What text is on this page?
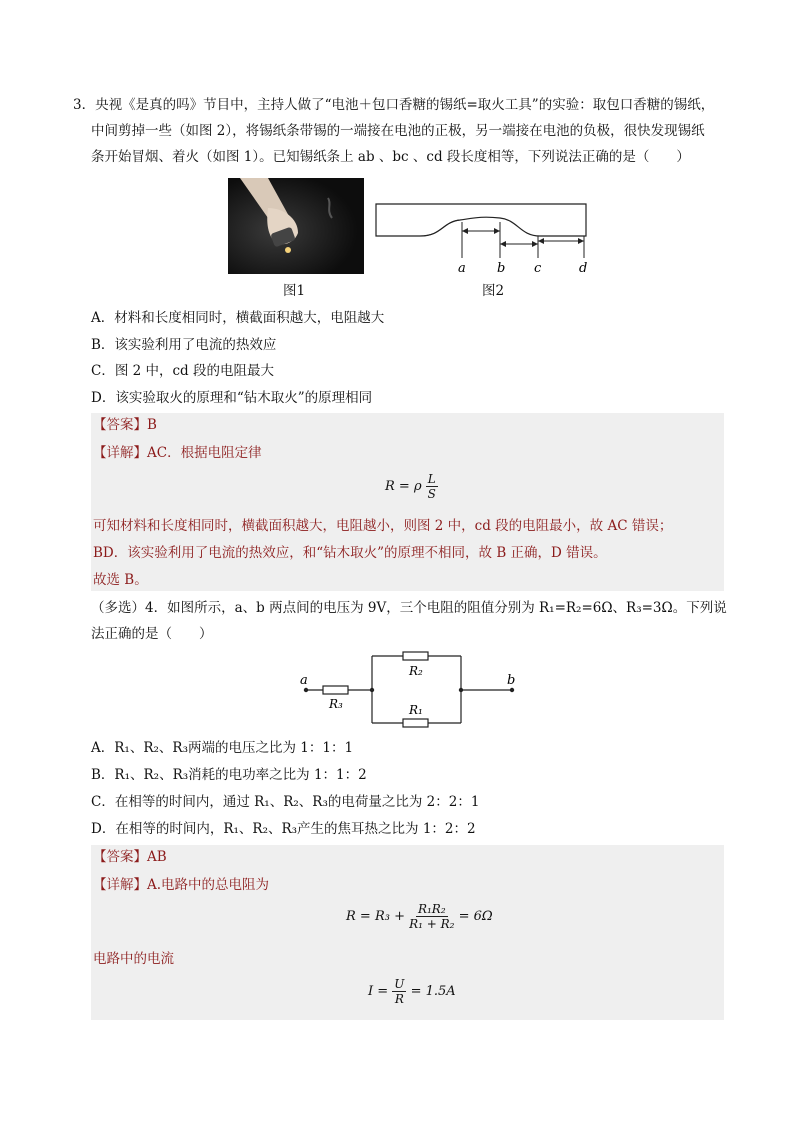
3．央视《是真的吗》节目中，主持人做了“电池＋包口香糖的锡纸=取火工具”的实验：取包口香糖的锡纸，
中间剪掉一些（如图 2），将锡纸条带锡的一端接在电池的正极，另一端接在电池的负极，很快发现锡纸
条开始冒烟、着火（如图 1）。已知锡纸条上 ab 、bc 、cd 段长度相等，下列说法正确的是（　　）
a b c	d
图1	图2
A．材料和长度相同时，横截面积越大，电阻越大
B．该实验利用了电流的热效应
C．图 2 中，cd 段的电阻最大
D．该实验取火的原理和“钻木取火”的原理相同
【答案】B
【详解】AC．根据电阻定律
R = ρ $\frac{L}{S}$
可知材料和长度相同时，横截面积越大，电阻越小，则图 2 中，cd 段的电阻最小，故 AC 错误；
BD．该实验利用了电流的热效应，和“钻木取火”的原理不相同，故 B 正确，D 错误。
故选 B。
（多选）4．如图所示，a、b 两点间的电压为 9V，三个电阻的阻值分别为 R₁=R₂=6Ω、R₃=3Ω。下列说
法正确的是（　　）
a	b
R₃
R₂
R₁
A．R₁、R₂、R₃两端的电压之比为 1：1：1
B．R₁、R₂、R₃消耗的电功率之比为 1：1：2
C．在相等的时间内，通过 R₁、R₂、R₃的电荷量之比为 2：2：1
D．在相等的时间内，R₁、R₂、R₃产生的焦耳热之比为 1：2：2
【答案】AB
【详解】A.电路中的总电阻为
$R = R_3 + \frac{\text{R₁R₂}}{\text{R₁ + R₂}} = 6\Omega$
电路中的电流
$I = \frac{U}{R} = 1.5A$
